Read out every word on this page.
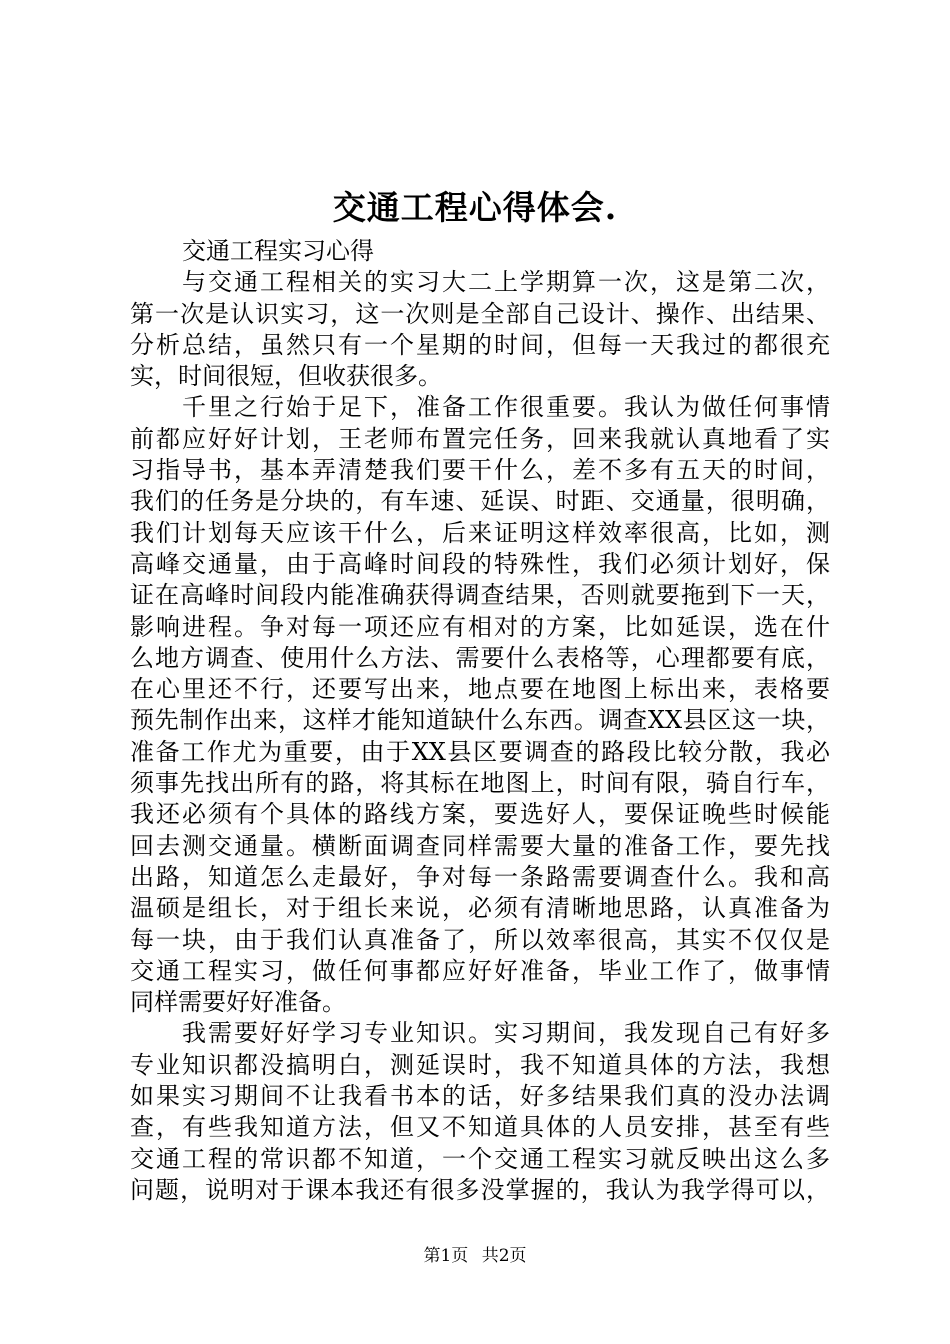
交通工程心得体会.
交通工程实习心得
与交通工程相关的实习大二上学期算一次，这是第二次，
第一次是认识实习，这一次则是全部自己设计、操作、出结果、
分析总结，虽然只有一个星期的时间，但每一天我过的都很充
实，时间很短，但收获很多。
千里之行始于足下，准备工作很重要。我认为做任何事情
前都应好好计划，王老师布置完任务，回来我就认真地看了实
习指导书，基本弄清楚我们要干什么，差不多有五天的时间，
我们的任务是分块的，有车速、延误、时距、交通量，很明确，
我们计划每天应该干什么，后来证明这样效率很高，比如，测
高峰交通量，由于高峰时间段的特殊性，我们必须计划好，保
证在高峰时间段内能准确获得调查结果，否则就要拖到下一天，
影响进程。争对每一项还应有相对的方案，比如延误，选在什
么地方调查、使用什么方法、需要什么表格等，心理都要有底，
在心里还不行，还要写出来，地点要在地图上标出来，表格要
预先制作出来，这样才能知道缺什么东西。调查XX县区这一块，
准备工作尤为重要，由于XX县区要调查的路段比较分散，我必
须事先找出所有的路，将其标在地图上，时间有限，骑自行车，
我还必须有个具体的路线方案，要选好人，要保证晚些时候能
回去测交通量。横断面调查同样需要大量的准备工作，要先找
出路，知道怎么走最好，争对每一条路需要调查什么。我和高
温硕是组长，对于组长来说，必须有清晰地思路，认真准备为
每一块，由于我们认真准备了，所以效率很高，其实不仅仅是
交通工程实习，做任何事都应好好准备，毕业工作了，做事情
同样需要好好准备。
我需要好好学习专业知识。实习期间，我发现自己有好多
专业知识都没搞明白，测延误时，我不知道具体的方法，我想
如果实习期间不让我看书本的话，好多结果我们真的没办法调
查，有些我知道方法，但又不知道具体的人员安排，甚至有些
交通工程的常识都不知道，一个交通工程实习就反映出这么多
问题，说明对于课本我还有很多没掌握的，我认为我学得可以，
第1页 共2页
